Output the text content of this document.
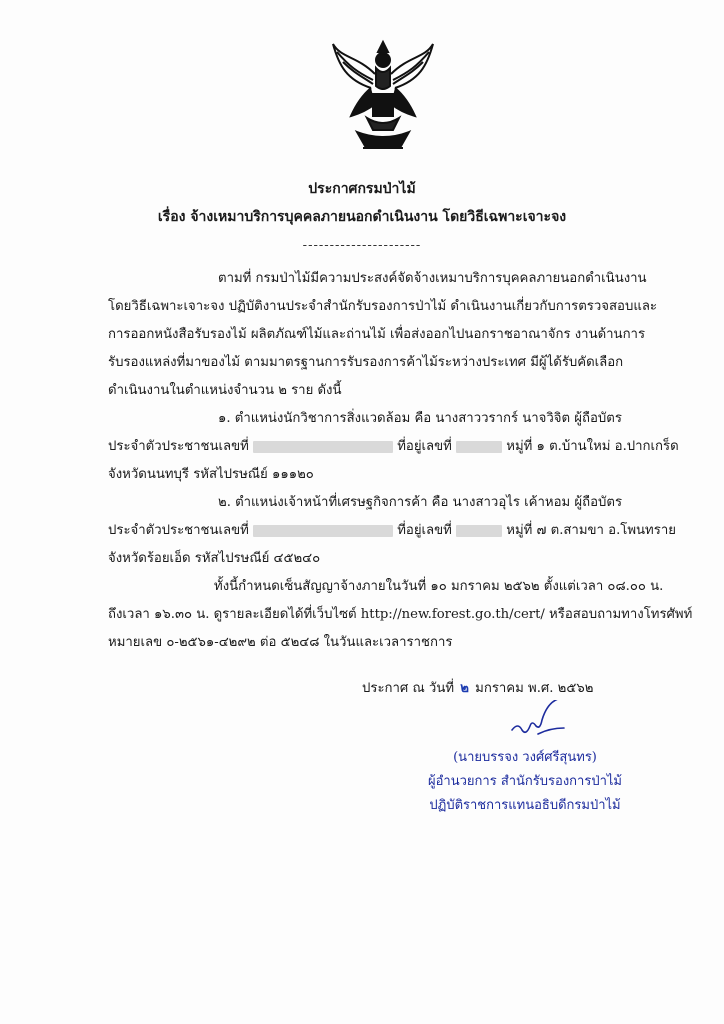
ประกาศกรมป่าไม้
เรื่อง จ้างเหมาบริการบุคคลภายนอกดำเนินงาน โดยวิธีเฉพาะเจาะจง
----------------------
ตามที่ กรมป่าไม้มีความประสงค์จัดจ้างเหมาบริการบุคคลภายนอกดำเนินงาน
โดยวิธีเฉพาะเจาะจง ปฏิบัติงานประจำสำนักรับรองการป่าไม้ ดำเนินงานเกี่ยวกับการตรวจสอบและ
การออกหนังสือรับรองไม้ ผลิตภัณฑ์ไม้และถ่านไม้ เพื่อส่งออกไปนอกราชอาณาจักร งานด้านการ
รับรองแหล่งที่มาของไม้ ตามมาตรฐานการรับรองการค้าไม้ระหว่างประเทศ มีผู้ได้รับคัดเลือก
ดำเนินงานในตำแหน่งจำนวน ๒ ราย ดังนี้
๑. ตำแหน่งนักวิชาการสิ่งแวดล้อม คือ นางสาววรากร์ นาจวิจิต ผู้ถือบัตร
ประจำตัวประชาชนเลขที่	ที่อยู่เลขที่	หมู่ที่ ๑ ต.บ้านใหม่ อ.ปากเกร็ด
จังหวัดนนทบุรี รหัสไปรษณีย์ ๑๑๑๒๐
๒. ตำแหน่งเจ้าหน้าที่เศรษฐกิจการค้า คือ นางสาวอุไร เค้าหอม ผู้ถือบัตร
ประจำตัวประชาชนเลขที่	ที่อยู่เลขที่	หมู่ที่ ๗ ต.สามขา อ.โพนทราย
จังหวัดร้อยเอ็ด รหัสไปรษณีย์ ๔๕๒๔๐
ทั้งนี้กำหนดเซ็นสัญญาจ้างภายในวันที่ ๑๐ มกราคม ๒๕๖๒ ตั้งแต่เวลา ๐๘.๐๐ น.
ถึงเวลา ๑๖.๓๐ น. ดูรายละเอียดได้ที่เว็บไซต์ http://new.forest.go.th/cert/ หรือสอบถามทางโทรศัพท์
หมายเลข ๐-๒๕๖๑-๔๒๙๒ ต่อ ๕๒๔๘ ในวันและเวลาราชการ
ประกาศ ณ วันที่ ๒ มกราคม พ.ศ. ๒๕๖๒
(นายบรรจง วงศ์ศรีสุนทร)
ผู้อำนวยการ สำนักรับรองการป่าไม้
ปฏิบัติราชการแทนอธิบดีกรมป่าไม้
